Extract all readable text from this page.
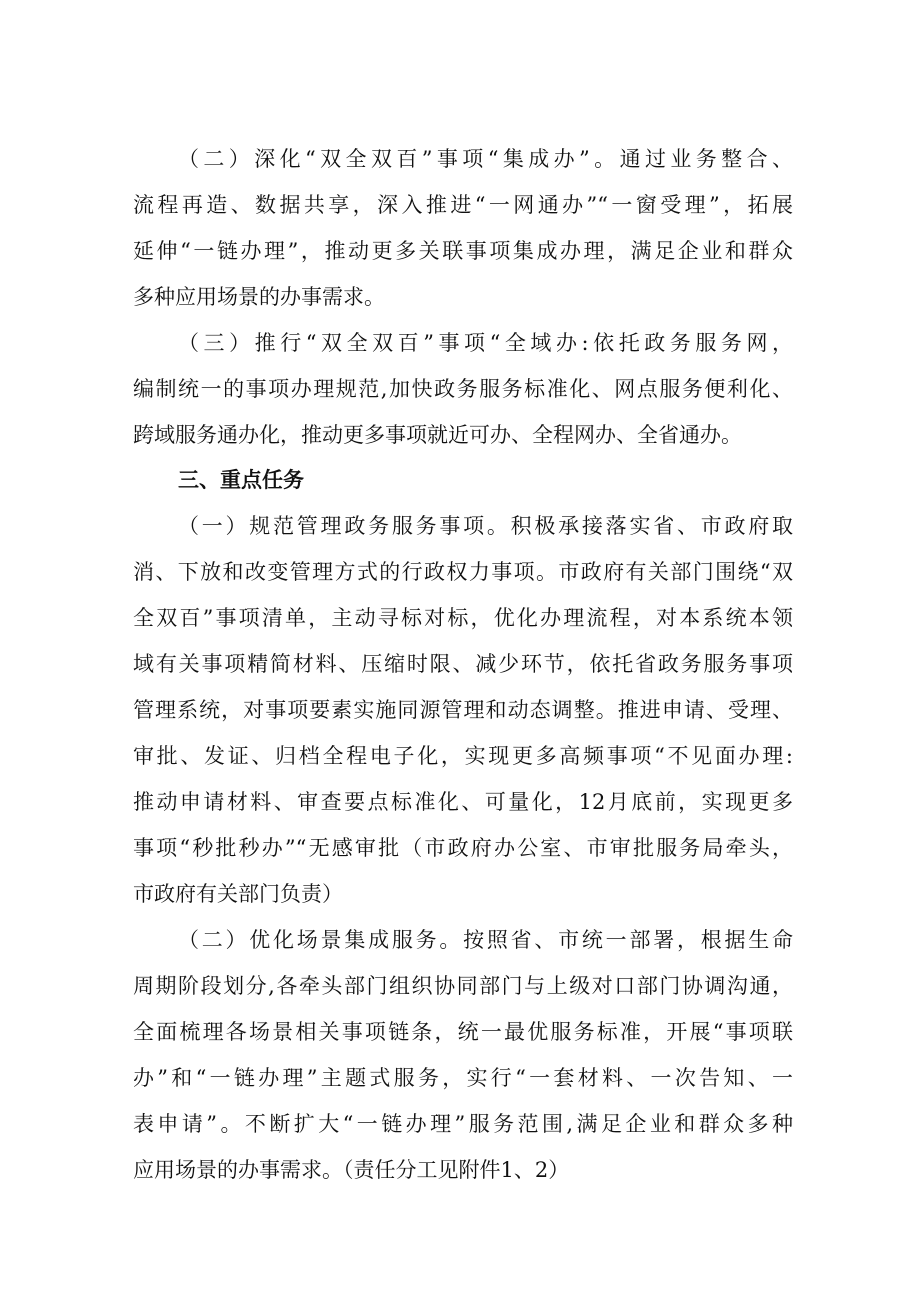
（二）深化“双全双百”事项“集成办”。通过业务整合、
流程再造、数据共享，深入推进“一网通办”“一窗受理”，拓展
延伸“一链办理”，推动更多关联事项集成办理，满足企业和群众
多种应用场景的办事需求。
（三）推行“双全双百”事项“全域办:依托政务服务网，
编制统一的事项办理规范,加快政务服务标准化、网点服务便利化、
跨域服务通办化，推动更多事项就近可办、全程网办、全省通办。
三、重点任务
（一）规范管理政务服务事项。积极承接落实省、市政府取
消、下放和改变管理方式的行政权力事项。市政府有关部门围绕“双
全双百”事项清单，主动寻标对标，优化办理流程，对本系统本领
域有关事项精简材料、压缩时限、减少环节，依托省政务服务事项
管理系统，对事项要素实施同源管理和动态调整。推进申请、受理、
审批、发证、归档全程电子化，实现更多高频事项“不见面办理:
推动申请材料、审查要点标准化、可量化，12月底前，实现更多
事项“秒批秒办”“无感审批（市政府办公室、市审批服务局牵头，
市政府有关部门负责）
（二）优化场景集成服务。按照省、市统一部署，根据生命
周期阶段划分,各牵头部门组织协同部门与上级对口部门协调沟通，
全面梳理各场景相关事项链条，统一最优服务标准，开展“事项联
办”和“一链办理”主题式服务，实行“一套材料、一次告知、一
表申请”。不断扩大“一链办理”服务范围,满足企业和群众多种
应用场景的办事需求。（责任分工见附件1、2）
